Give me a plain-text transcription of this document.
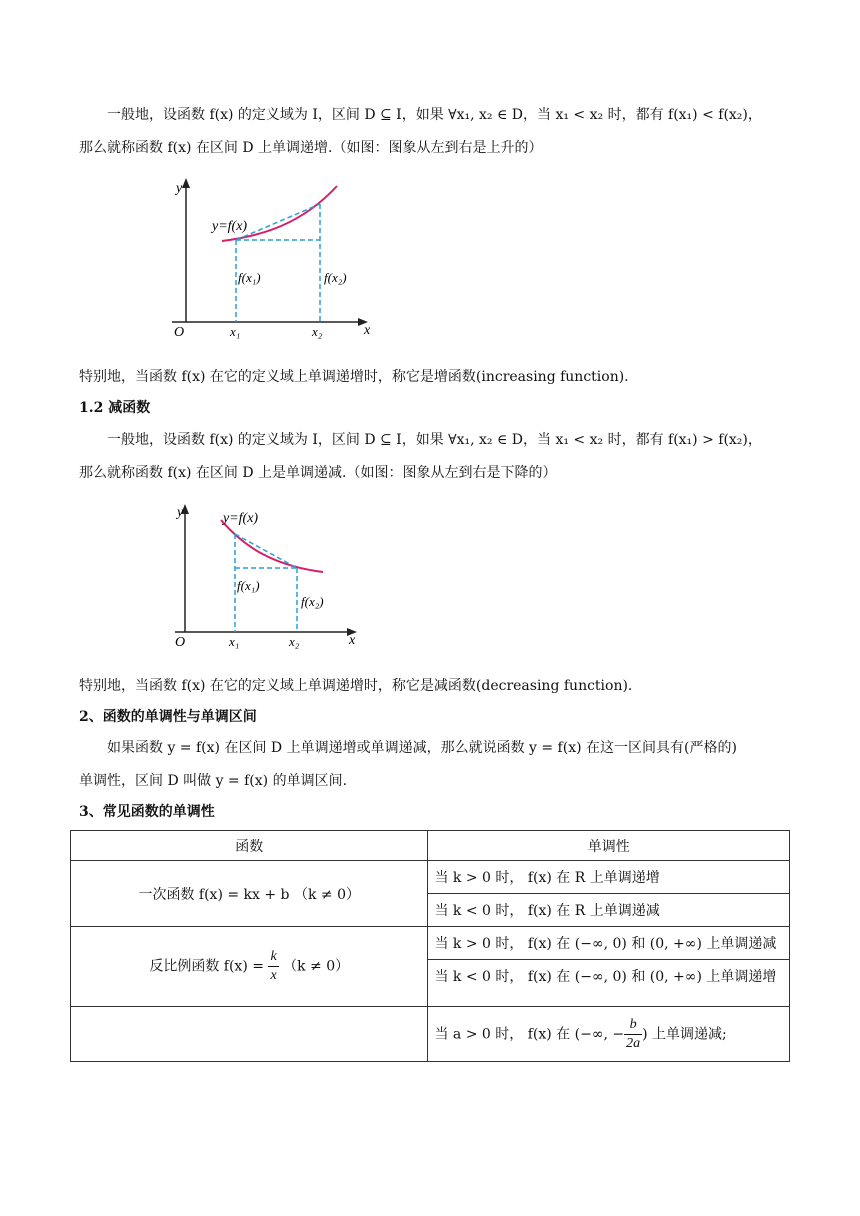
一般地，设函数 f(x) 的定义域为 I，区间 D ⊆ I，如果 ∀x₁, x₂ ∈ D，当 x₁ < x₂ 时，都有 f(x₁) < f(x₂)，
那么就称函数 f(x) 在区间 D 上单调递增.（如图：图象从左到右是上升的）
y
y=f(x)
f(x₁)	f(x₂)
O	x₁	x₂	x
特别地，当函数 f(x) 在它的定义域上单调递增时，称它是增函数(increasing function).
1.2 减函数
一般地，设函数 f(x) 的定义域为 I，区间 D ⊆ I，如果 ∀x₁, x₂ ∈ D，当 x₁ < x₂ 时，都有 f(x₁) > f(x₂)，
那么就称函数 f(x) 在区间 D 上是单调递减.（如图：图象从左到右是下降的）
y	y=f(x)
f(x₁)
f(x₂)
O	x₁	x₂	x
特别地，当函数 f(x) 在它的定义域上单调递增时，称它是减函数(decreasing function).
2、函数的单调性与单调区间
如果函数 y = f(x) 在区间 D 上单调递增或单调递减，那么就说函数 y = f(x) 在这一区间具有(严格的)
单调性，区间 D 叫做 y = f(x) 的单调区间.
3、常见函数的单调性
函数	单调性
一次函数 f(x) = kx + b （k ≠ 0）	当 k > 0 时， f(x) 在 R 上单调递增
	当 k < 0 时， f(x) 在 R 上单调递减
反比例函数 $f(x) = \frac{k}{x} (k \ne 0)$	当 k > 0 时， f(x) 在 (−∞, 0) 和 (0, +∞) 上单调递减
	当 k < 0 时， f(x) 在 (−∞, 0) 和 (0, +∞) 上单调递增
	当 a > 0 时， f(x) 在 (−∞, − $\frac{b}{2a}$ ) 上单调递减;
